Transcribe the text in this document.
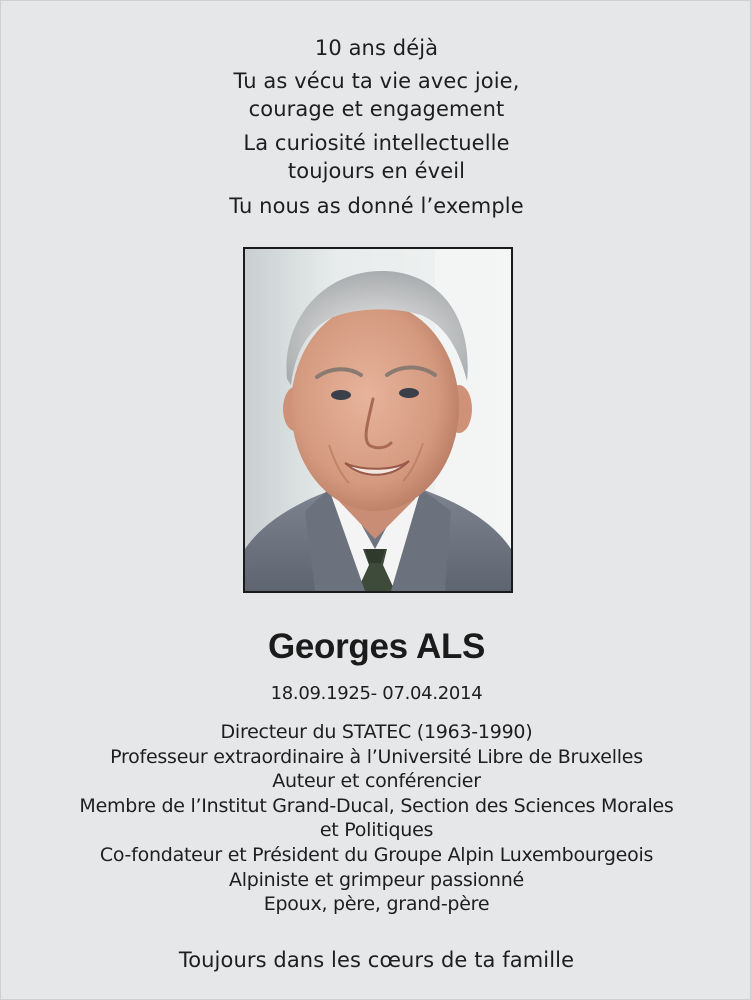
10 ans déjà

Tu as vécu ta vie avec joie,

courage et engagement

La curiosité intellectuelle

toujours en éveil

Tu nous as donné l’exemple

Georges ALS

18.09.1925- 07.04.2014

Directeur du STATEC (1963-1990)

Professeur extraordinaire à l’Université Libre de Bruxelles

Auteur et conférencier

Membre de l’Institut Grand-Ducal, Section des Sciences Morales

et Politiques

Co-fondateur et Président du Groupe Alpin Luxembourgeois

Alpiniste et grimpeur passionné

Epoux, père, grand-père

Toujours dans les cœurs de ta famille
